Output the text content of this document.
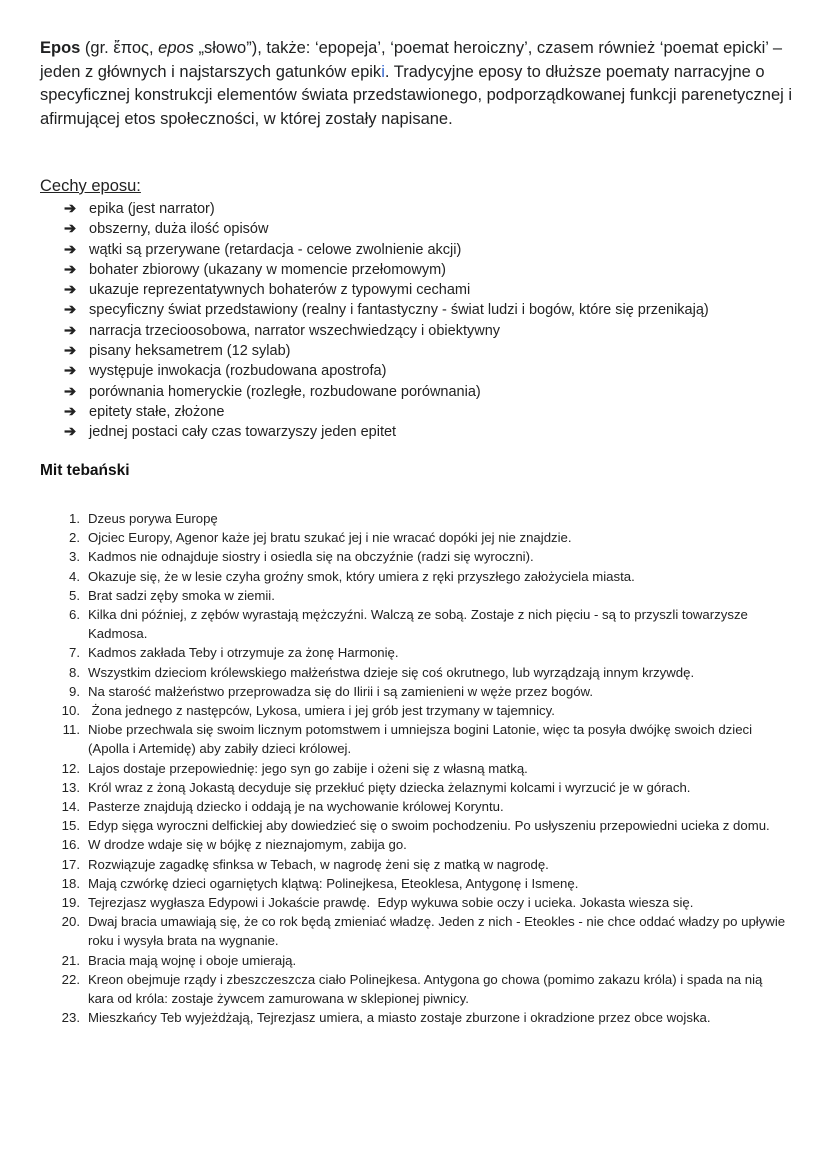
Epos (gr. ἔπος, epos „słowo”), także: ‘epopeja’, ‘poemat heroiczny’, czasem również ‘poemat epicki’ – jeden z głównych i najstarszych gatunków epiki. Tradycyjne eposy to dłuższe poematy narracyjne o specyficznej konstrukcji elementów świata przedstawionego, podporządkowanej funkcji parenetycznej i afirmującej etos społeczności, w której zostały napisane.

Cechy eposu:
➔ epika (jest narrator)
➔ obszerny, duża ilość opisów
➔ wątki są przerywane (retardacja - celowe zwolnienie akcji)
➔ bohater zbiorowy (ukazany w momencie przełomowym)
➔ ukazuje reprezentatywnych bohaterów z typowymi cechami
➔ specyficzny świat przedstawiony (realny i fantastyczny - świat ludzi i bogów, które się przenikają)
➔ narracja trzecioosobowa, narrator wszechwiedzący i obiektywny
➔ pisany heksametrem (12 sylab)
➔ występuje inwokacja (rozbudowana apostrofa)
➔ porównania homeryckie (rozległe, rozbudowane porównania)
➔ epitety stałe, złożone
➔ jednej postaci cały czas towarzyszy jeden epitet
Mit tebański
1. Dzeus porywa Europę
2. Ojciec Europy, Agenor każe jej bratu szukać jej i nie wracać dopóki jej nie znajdzie.
3. Kadmos nie odnajduje siostry i osiedla się na obczyźnie (radzi się wyroczni).
4. Okazuje się, że w lesie czyha groźny smok, który umiera z ręki przyszłego założyciela miasta.
5. Brat sadzi zęby smoka w ziemii.
6. Kilka dni później, z zębów wyrastają mężczyźni. Walczą ze sobą. Zostaje z nich pięciu - są to przyszli towarzysze Kadmosa.
7. Kadmos zakłada Teby i otrzymuje za żonę Harmonię.
8. Wszystkim dzieciom królewskiego małżeństwa dzieje się coś okrutnego, lub wyrządzają innym krzywdę.
9. Na starość małżeństwo przeprowadza się do Ilirii i są zamienieni w węże przez bogów.
10. Żona jednego z następców, Lykosa, umiera i jej grób jest trzymany w tajemnicy.
11. Niobe przechwala się swoim licznym potomstwem i umniejsza bogini Latonie, więc ta posyła dwójkę swoich dzieci (Apolla i Artemidę) aby zabiły dzieci królowej.
12. Lajos dostaje przepowiednię: jego syn go zabije i ożeni się z własną matką.
13. Król wraz z żoną Jokastą decyduje się przekłuć pięty dziecka żelaznymi kolcami i wyrzucić je w górach.
14. Pasterze znajdują dziecko i oddają je na wychowanie królowej Koryntu.
15. Edyp sięga wyroczni delfickiej aby dowiedzieć się o swoim pochodzeniu. Po usłyszeniu przepowiedni ucieka z domu.
16. W drodze wdaje się w bójkę z nieznajomym, zabija go.
17. Rozwiązuje zagadkę sfinksa w Tebach, w nagrodę żeni się z matką w nagrodę.
18. Mają czwórkę dzieci ogarniętych klątwą: Polinejkesa, Eteoklesa, Antygonę i Ismenę.
19. Tejrezjasz wygłasza Edypowi i Jokaście prawdę.  Edyp wykuwa sobie oczy i ucieka. Jokasta wiesza się.
20. Dwaj bracia umawiają się, że co rok będą zmieniać władzę. Jeden z nich - Eteokles - nie chce oddać władzy po upływie roku i wysyła brata na wygnanie.
21. Bracia mają wojnę i oboje umierają.
22. Kreon obejmuje rządy i zbeszczeszcza ciało Polinejkesa. Antygona go chowa (pomimo zakazu króla) i spada na nią kara od króla: zostaje żywcem zamurowana w sklepionej piwnicy.
23. Mieszkańcy Teb wyjeżdżają, Tejrezjasz umiera, a miasto zostaje zburzone i okradzione przez obce wojska.
